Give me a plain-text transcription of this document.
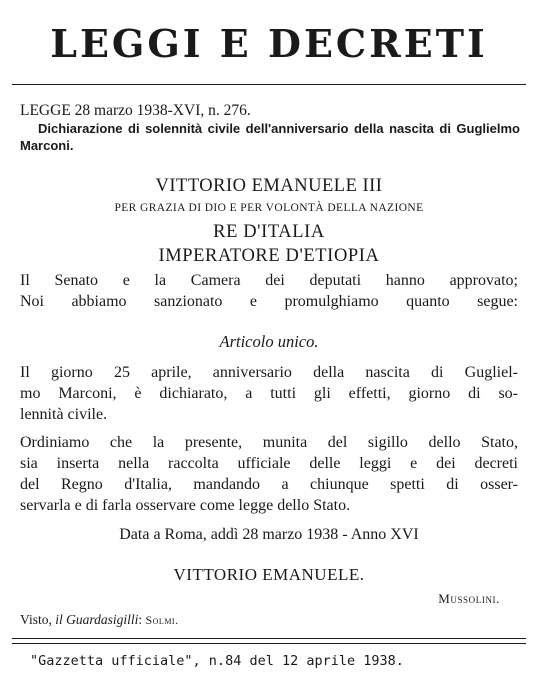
LEGGI E DECRETI
LEGGE 28 marzo 1938-XVI, n. 276.
Dichiarazione di solennità civile dell'anniversario della nascita di Guglielmo Marconi.
VITTORIO EMANUELE III
PER GRAZIA DI DIO E PER VOLONTÀ DELLA NAZIONE
RE D'ITALIA
IMPERATORE D'ETIOPIA
Il Senato e la Camera dei deputati hanno approvato;
Noi abbiamo sanzionato e promulghiamo quanto segue:
Articolo unico.
Il giorno 25 aprile, anniversario della nascita di Gugliel-
mo Marconi, è dichiarato, a tutti gli effetti, giorno di so-
lennità civile.
Ordiniamo che la presente, munita del sigillo dello Stato,
sia inserta nella raccolta ufficiale delle leggi e dei decreti
del Regno d'Italia, mandando a chiunque spetti di osser-
servarla e di farla osservare come legge dello Stato.
Data a Roma, addì 28 marzo 1938 - Anno XVI
VITTORIO EMANUELE.
Mussolini.
Visto, il Guardasigilli: Solmi.
"Gazzetta ufficiale", n.84 del 12 aprile 1938.
